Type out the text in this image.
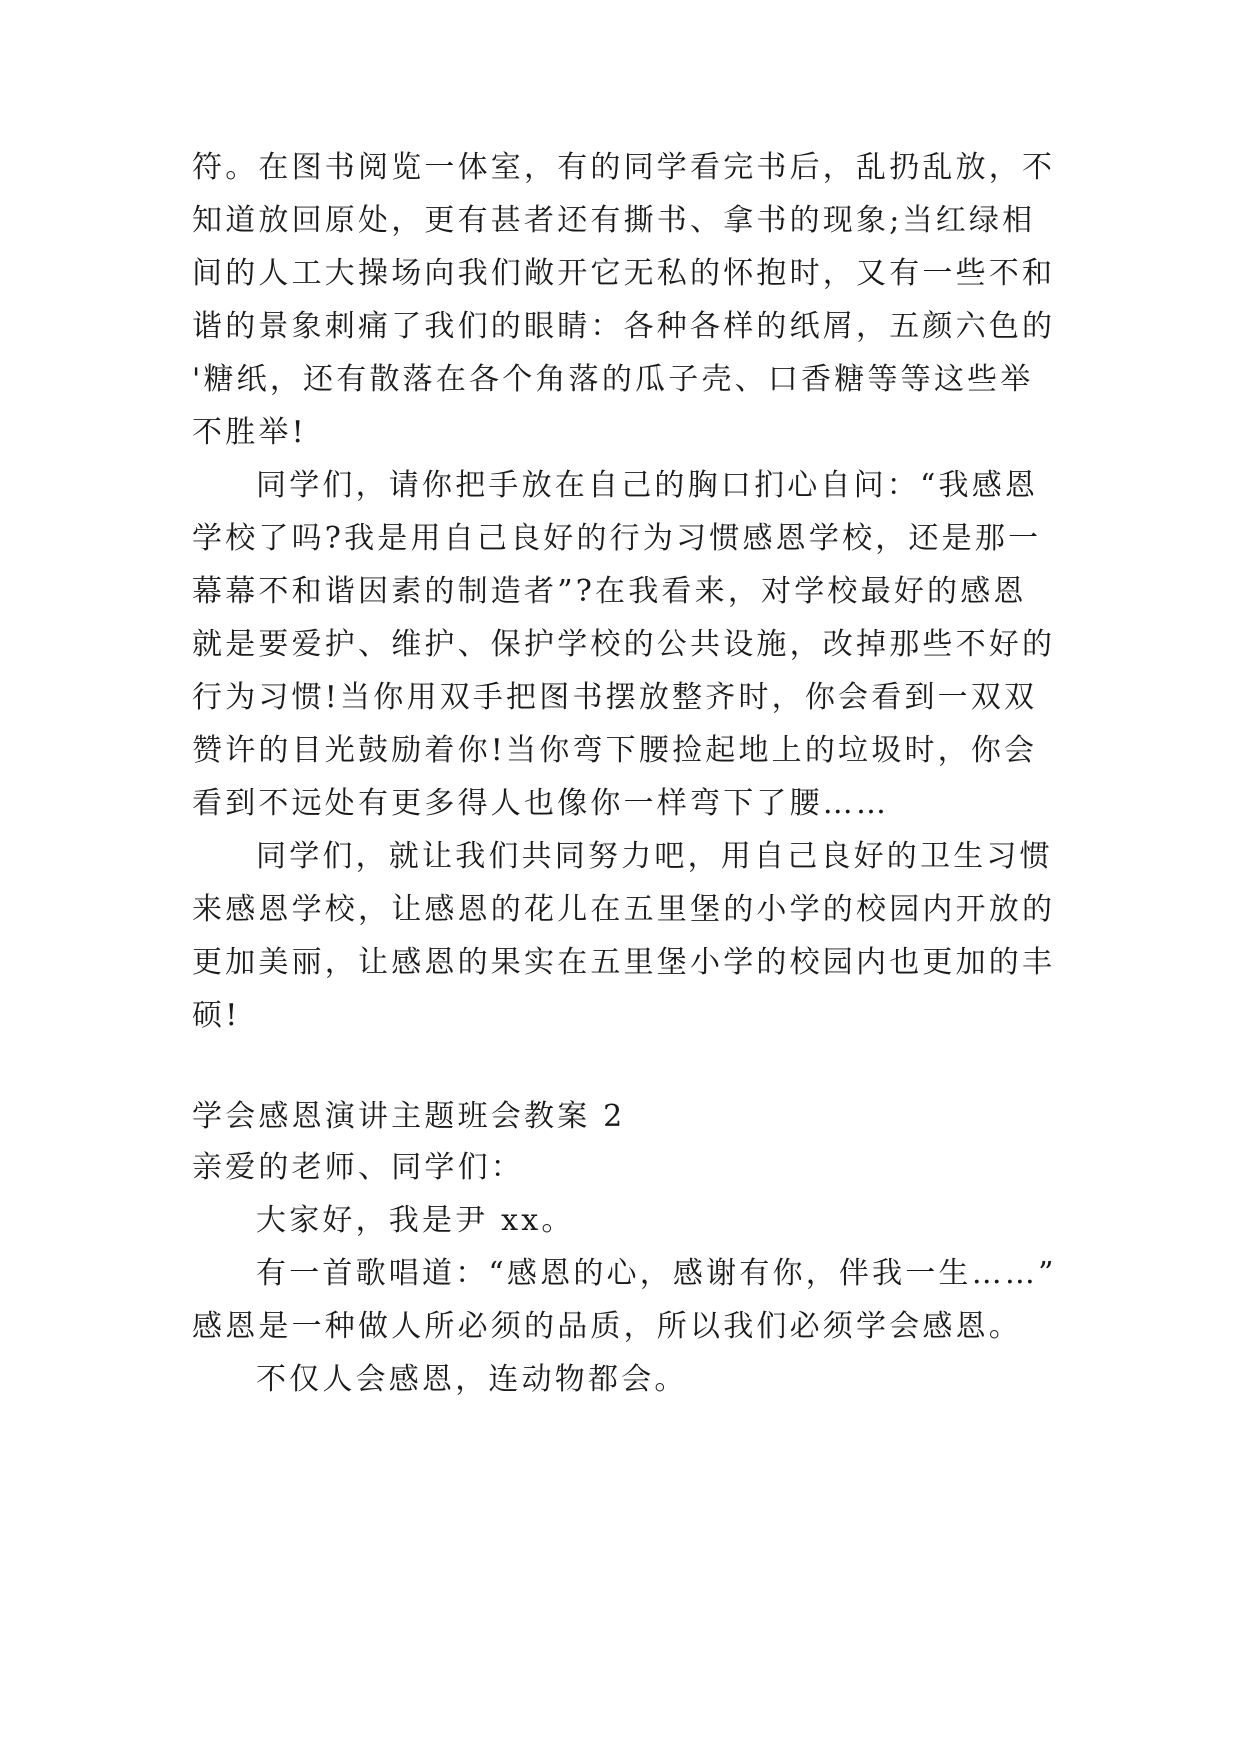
符。在图书阅览一体室，有的同学看完书后，乱扔乱放，不
知道放回原处，更有甚者还有撕书、拿书的现象;当红绿相
间的人工大操场向我们敞开它无私的怀抱时，又有一些不和
谐的景象刺痛了我们的眼睛：各种各样的纸屑，五颜六色的
'糖纸，还有散落在各个角落的瓜子壳、口香糖等等这些举
不胜举!
同学们，请你把手放在自己的胸口扪心自问：“我感恩
学校了吗?我是用自己良好的行为习惯感恩学校，还是那一
幕幕不和谐因素的制造者”?在我看来，对学校最好的感恩
就是要爱护、维护、保护学校的公共设施，改掉那些不好的
行为习惯!当你用双手把图书摆放整齐时，你会看到一双双
赞许的目光鼓励着你!当你弯下腰捡起地上的垃圾时，你会
看到不远处有更多得人也像你一样弯下了腰……
同学们，就让我们共同努力吧，用自己良好的卫生习惯
来感恩学校，让感恩的花儿在五里堡的小学的校园内开放的
更加美丽，让感恩的果实在五里堡小学的校园内也更加的丰
硕!
学会感恩演讲主题班会教案 2
亲爱的老师、同学们：
大家好，我是尹 xx。
有一首歌唱道：“感恩的心，感谢有你，伴我一生……”
感恩是一种做人所必须的品质，所以我们必须学会感恩。
不仅人会感恩，连动物都会。
